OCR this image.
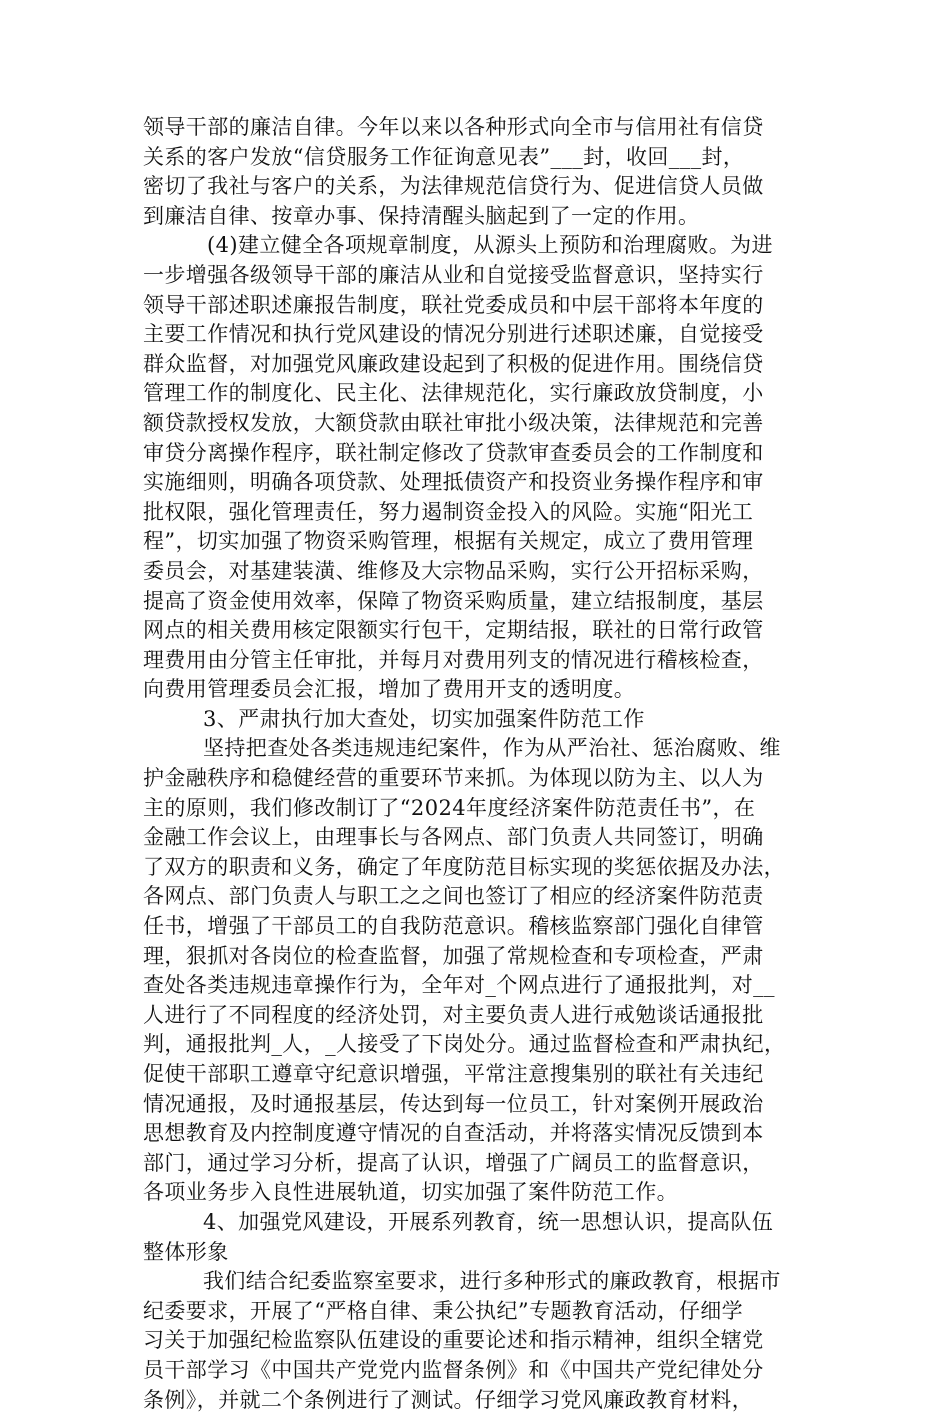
领导干部的廉洁自律。今年以来以各种形式向全市与信用社有信贷
关系的客户发放“信贷服务工作征询意见表”___封，收回___封，
密切了我社与客户的关系，为法律规范信贷行为、促进信贷人员做
到廉洁自律、按章办事、保持清醒头脑起到了一定的作用。
(4)建立健全各项规章制度，从源头上预防和治理腐败。为进
一步增强各级领导干部的廉洁从业和自觉接受监督意识，坚持实行
领导干部述职述廉报告制度，联社党委成员和中层干部将本年度的
主要工作情况和执行党风建设的情况分别进行述职述廉，自觉接受
群众监督，对加强党风廉政建设起到了积极的促进作用。围绕信贷
管理工作的制度化、民主化、法律规范化，实行廉政放贷制度，小
额贷款授权发放，大额贷款由联社审批小级决策，法律规范和完善
审贷分离操作程序，联社制定修改了贷款审查委员会的工作制度和
实施细则，明确各项贷款、处理抵债资产和投资业务操作程序和审
批权限，强化管理责任，努力遏制资金投入的风险。实施“阳光工
程”，切实加强了物资采购管理，根据有关规定，成立了费用管理
委员会，对基建装潢、维修及大宗物品采购，实行公开招标采购，
提高了资金使用效率，保障了物资采购质量，建立结报制度，基层
网点的相关费用核定限额实行包干，定期结报，联社的日常行政管
理费用由分管主任审批，并每月对费用列支的情况进行稽核检查，
向费用管理委员会汇报，增加了费用开支的透明度。
3、严肃执行加大查处，切实加强案件防范工作
坚持把查处各类违规违纪案件，作为从严治社、惩治腐败、维
护金融秩序和稳健经营的重要环节来抓。为体现以防为主、以人为
主的原则，我们修改制订了“2024年度经济案件防范责任书”，在
金融工作会议上，由理事长与各网点、部门负责人共同签订，明确
了双方的职责和义务，确定了年度防范目标实现的奖惩依据及办法，
各网点、部门负责人与职工之之间也签订了相应的经济案件防范责
任书，增强了干部员工的自我防范意识。稽核监察部门强化自律管
理，狠抓对各岗位的检查监督，加强了常规检查和专项检查，严肃
查处各类违规违章操作行为，全年对_个网点进行了通报批判，对__
人进行了不同程度的经济处罚，对主要负责人进行戒勉谈话通报批
判，通报批判_人，_人接受了下岗处分。通过监督检查和严肃执纪，
促使干部职工遵章守纪意识增强，平常注意搜集别的联社有关违纪
情况通报，及时通报基层，传达到每一位员工，针对案例开展政治
思想教育及内控制度遵守情况的自查活动，并将落实情况反馈到本
部门，通过学习分析，提高了认识，增强了广阔员工的监督意识，
各项业务步入良性进展轨道，切实加强了案件防范工作。
4、加强党风建设，开展系列教育，统一思想认识，提高队伍
整体形象
我们结合纪委监察室要求，进行多种形式的廉政教育，根据市
纪委要求，开展了“严格自律、秉公执纪”专题教育活动，仔细学
习关于加强纪检监察队伍建设的重要论述和指示精神，组织全辖党
员干部学习《中国共产党党内监督条例》和《中国共产党纪律处分
条例》，并就二个条例进行了测试。仔细学习党风廉政教育材料，
